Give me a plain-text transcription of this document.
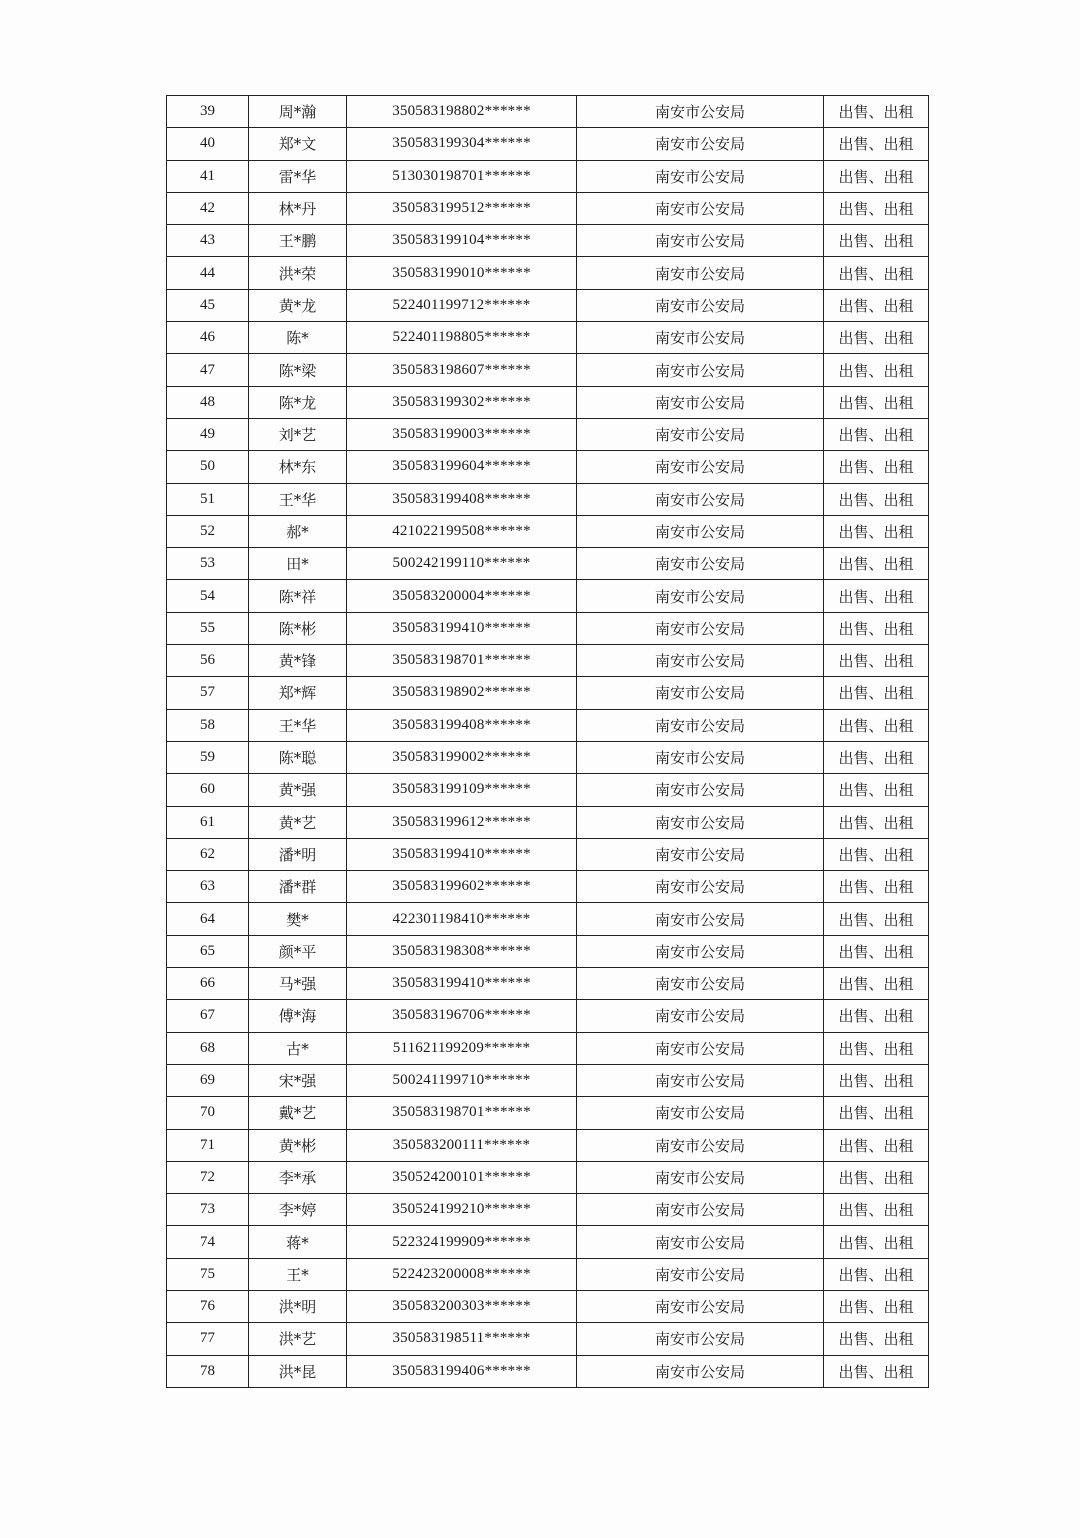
39	周*瀚	350583198802******	南安市公安局	出售、出租
40	郑*文	350583199304******	南安市公安局	出售、出租
41	雷*华	513030198701******	南安市公安局	出售、出租
42	林*丹	350583199512******	南安市公安局	出售、出租
43	王*鹏	350583199104******	南安市公安局	出售、出租
44	洪*荣	350583199010******	南安市公安局	出售、出租
45	黄*龙	522401199712******	南安市公安局	出售、出租
46	陈*	522401198805******	南安市公安局	出售、出租
47	陈*梁	350583198607******	南安市公安局	出售、出租
48	陈*龙	350583199302******	南安市公安局	出售、出租
49	刘*艺	350583199003******	南安市公安局	出售、出租
50	林*东	350583199604******	南安市公安局	出售、出租
51	王*华	350583199408******	南安市公安局	出售、出租
52	郝*	421022199508******	南安市公安局	出售、出租
53	田*	500242199110******	南安市公安局	出售、出租
54	陈*祥	350583200004******	南安市公安局	出售、出租
55	陈*彬	350583199410******	南安市公安局	出售、出租
56	黄*锋	350583198701******	南安市公安局	出售、出租
57	郑*辉	350583198902******	南安市公安局	出售、出租
58	王*华	350583199408******	南安市公安局	出售、出租
59	陈*聪	350583199002******	南安市公安局	出售、出租
60	黄*强	350583199109******	南安市公安局	出售、出租
61	黄*艺	350583199612******	南安市公安局	出售、出租
62	潘*明	350583199410******	南安市公安局	出售、出租
63	潘*群	350583199602******	南安市公安局	出售、出租
64	樊*	422301198410******	南安市公安局	出售、出租
65	颜*平	350583198308******	南安市公安局	出售、出租
66	马*强	350583199410******	南安市公安局	出售、出租
67	傅*海	350583196706******	南安市公安局	出售、出租
68	古*	511621199209******	南安市公安局	出售、出租
69	宋*强	500241199710******	南安市公安局	出售、出租
70	戴*艺	350583198701******	南安市公安局	出售、出租
71	黄*彬	350583200111******	南安市公安局	出售、出租
72	李*承	350524200101******	南安市公安局	出售、出租
73	李*婷	350524199210******	南安市公安局	出售、出租
74	蒋*	522324199909******	南安市公安局	出售、出租
75	王*	522423200008******	南安市公安局	出售、出租
76	洪*明	350583200303******	南安市公安局	出售、出租
77	洪*艺	350583198511******	南安市公安局	出售、出租
78	洪*昆	350583199406******	南安市公安局	出售、出租
